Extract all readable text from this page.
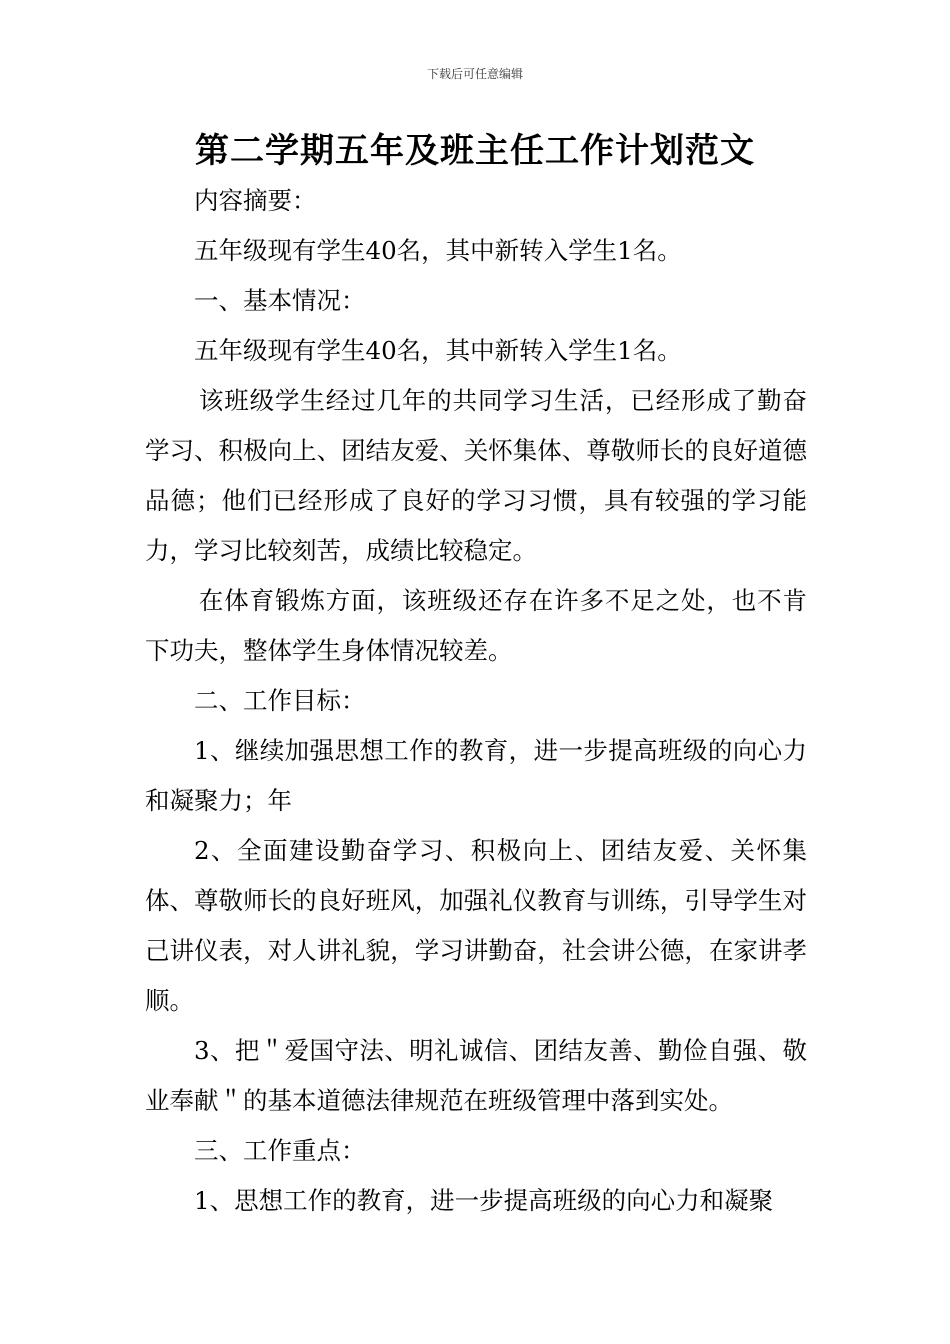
下载后可任意编辑
第二学期五年及班主任工作计划范文

内容摘要：

五年级现有学生40名，其中新转入学生1名。

一、基本情况：

五年级现有学生40名，其中新转入学生1名。

该班级学生经过几年的共同学习生活，已经形成了勤奋学习、积极向上、团结友爱、关怀集体、尊敬师长的良好道德品德；他们已经形成了良好的学习习惯，具有较强的学习能力，学习比较刻苦，成绩比较稳定。

在体育锻炼方面，该班级还存在许多不足之处，也不肯下功夫，整体学生身体情况较差。

二、工作目标：

1、继续加强思想工作的教育，进一步提高班级的向心力和凝聚力；年

2、全面建设勤奋学习、积极向上、团结友爱、关怀集体、尊敬师长的良好班风，加强礼仪教育与训练，引导学生对己讲仪表，对人讲礼貌，学习讲勤奋，社会讲公德，在家讲孝顺。

3、把＂爱国守法、明礼诚信、团结友善、勤俭自强、敬业奉献＂的基本道德法律规范在班级管理中落到实处。

三、工作重点：

1、思想工作的教育，进一步提高班级的向心力和凝聚
